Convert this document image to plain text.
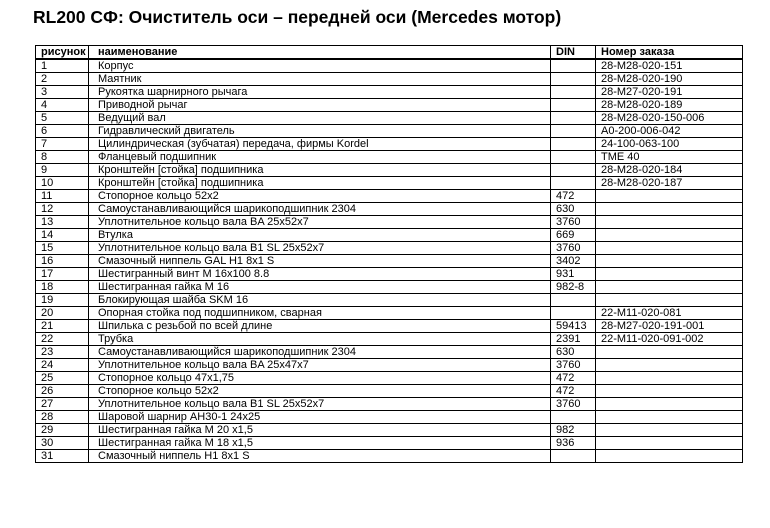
RL200 СФ: Очиститель оси – передней оси (Mercedes мотор)
рисунок	наименование	DIN	Номер заказа
1	Корпус		28-M28-020-151
2	Маятник		28-M28-020-190
3	Рукоятка шарнирного рычага		28-M27-020-191
4	Приводной рычаг		28-M28-020-189
5	Ведущий вал		28-M28-020-150-006
6	Гидравлический двигатель		A0-200-006-042
7	Цилиндрическая (зубчатая) передача, фирмы Kordel		24-100-063-100
8	Фланцевый подшипник		TME 40
9	Кронштейн [стойка] подшипника		28-M28-020-184
10	Кронштейн [стойка] подшипника		28-M28-020-187
11	Стопорное кольцо 52x2	472	
12	Самоустанавливающийся шарикоподшипник 2304	630	
13	Уплотнительное кольцо вала BA 25x52x7	3760	
14	Втулка	669	
15	Уплотнительное кольцо вала B1 SL 25x52x7	3760	
16	Смазочный ниппель GAL H1 8x1 S	3402	
17	Шестигранный винт М 16x100 8.8	931	
18	Шестигранная гайка М 16	982-8	
19	Блокирующая шайба SKM 16		
20	Опорная стойка под подшипником, сварная		22-M11-020-081
21	Шпилька с резьбой по всей длине	59413	28-M27-020-191-001
22	Трубка	2391	22-M11-020-091-002
23	Самоустанавливающийся шарикоподшипник 2304	630	
24	Уплотнительное кольцо вала BA 25x47x7	3760	
25	Стопорное кольцо 47x1,75	472	
26	Стопорное кольцо 52x2	472	
27	Уплотнительное кольцо вала B1 SL 25x52x7	3760	
28	Шаровой шарнир AH30-1 24x25		
29	Шестигранная гайка М 20 x1,5	982	
30	Шестигранная гайка М 18 x1,5	936	
31	Смазочный ниппель H1 8x1 S		
